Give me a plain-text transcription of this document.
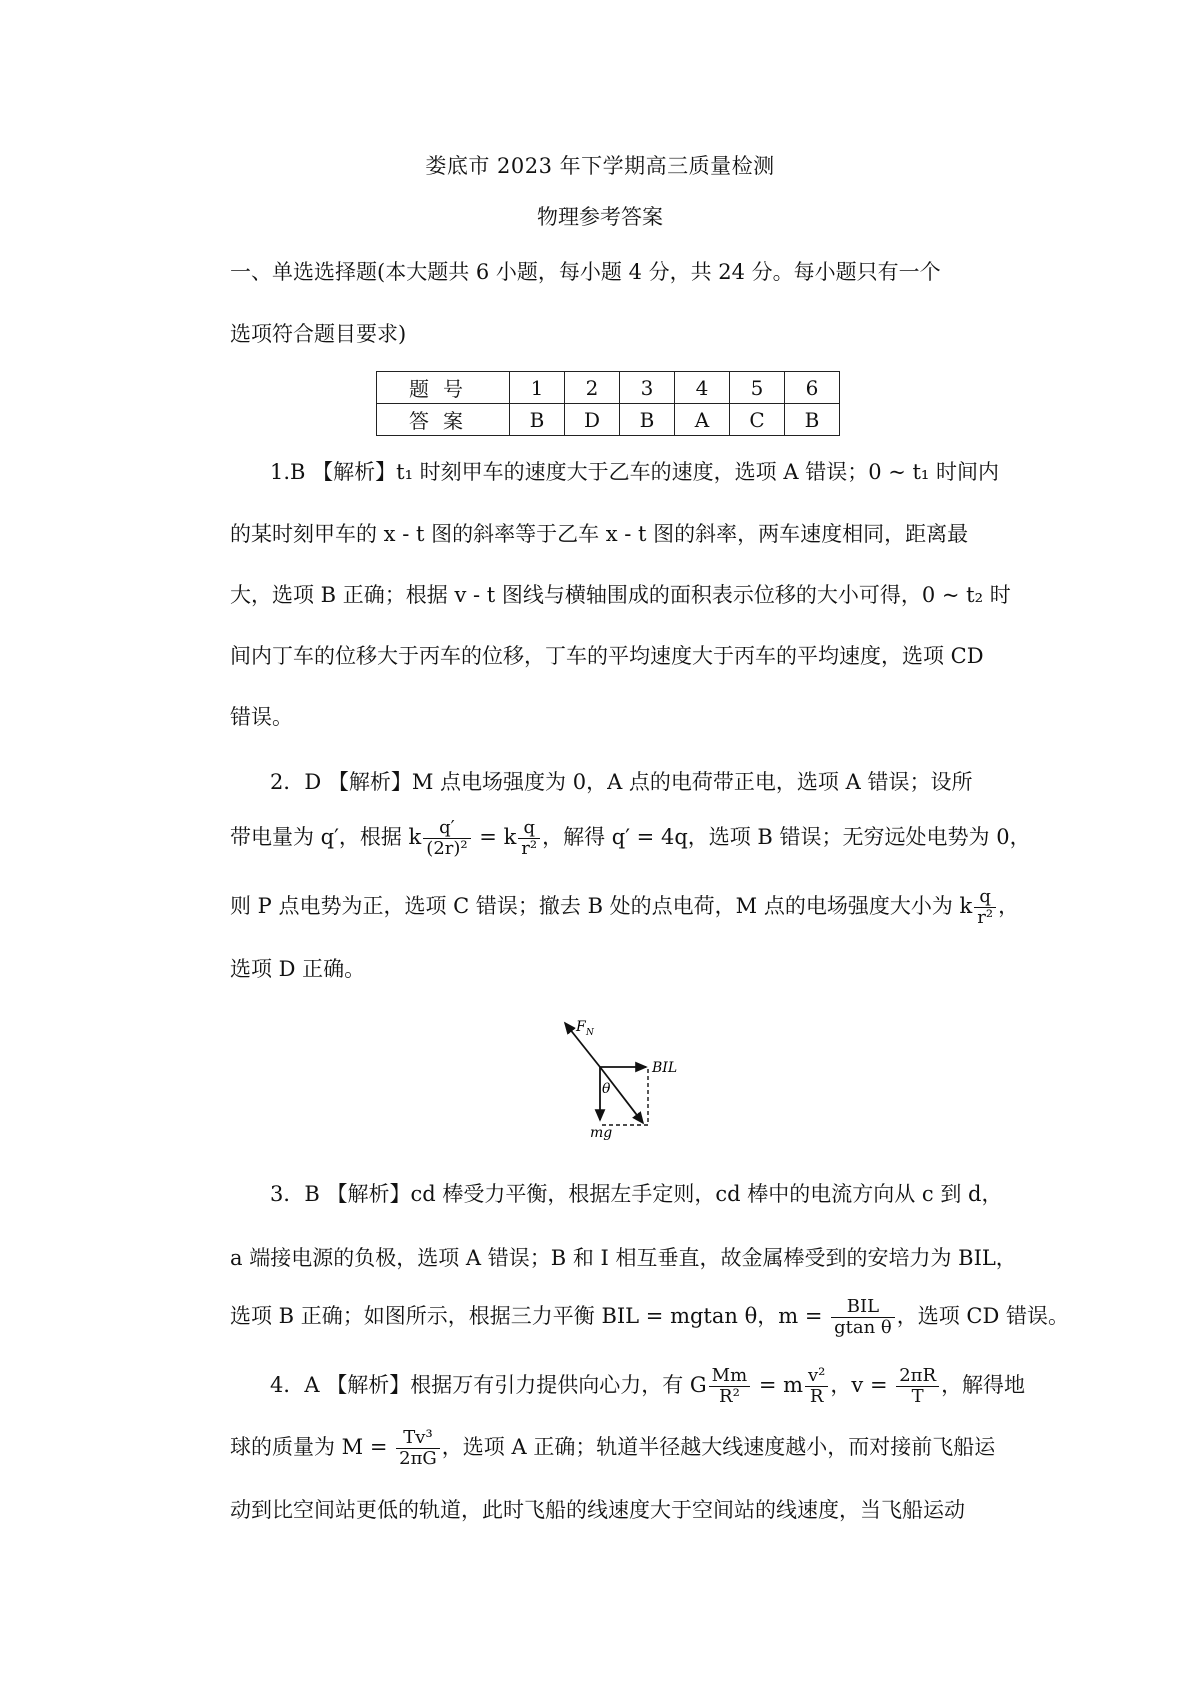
娄底市 2023 年下学期高三质量检测
物理参考答案
一、单选选择题(本大题共 6 小题，每小题 4 分，共 24 分。每小题只有一个
选项符合题目要求)
题号	1	2	3	4	5	6
答案	B	D	B	A	C	B
1.B 【解析】t₁ 时刻甲车的速度大于乙车的速度，选项 A 错误；0 ~ t₁ 时间内
的某时刻甲车的 x - t 图的斜率等于乙车 x - t 图的斜率，两车速度相同，距离最
大，选项 B 正确；根据 v - t 图线与横轴围成的面积表示位移的大小可得，0 ~ t₂ 时
间内丁车的位移大于丙车的位移，丁车的平均速度大于丙车的平均速度，选项 CD
错误。
2．D 【解析】M 点电场强度为 0，A 点的电荷带正电，选项 A 错误；设所
带电量为 q′，根据 k $\frac{q'}{\text{(2r)²}} = k \frac{q}{\text{r²}}$ ，解得 q′ = 4q，选项 B 错误；无穷远处电势为 0，
则 P 点电势为正，选项 C 错误；撤去 B 处的点电荷，M 点的电场强度大小为 k $\frac{q}{\text{r²}}$ ，
选项 D 正确。
F N
BIL
θ
mg
3．B 【解析】cd 棒受力平衡，根据左手定则，cd 棒中的电流方向从 c 到 d，
a 端接电源的负极，选项 A 错误；B 和 I 相互垂直，故金属棒受到的安培力为 BIL，
选项 B 正确；如图所示，根据三力平衡 BIL = mgtan θ，$m = \frac{\text{BIL}}{\text{gtan θ}}$ ，选项 CD 错误。
4．A 【解析】根据万有引力提供向心力，有 G $\frac{Mm}{\text{R²}} = m \frac{\text{v²}}{R}$ ，$v = \frac{2\pi R}{T}$ ，解得地
球的质量为 $M = \frac{\text{Tv³}}{2\pi G}$ ，选项 A 正确；轨道半径越大线速度越小，而对接前飞船运
动到比空间站更低的轨道，此时飞船的线速度大于空间站的线速度，当飞船运动
